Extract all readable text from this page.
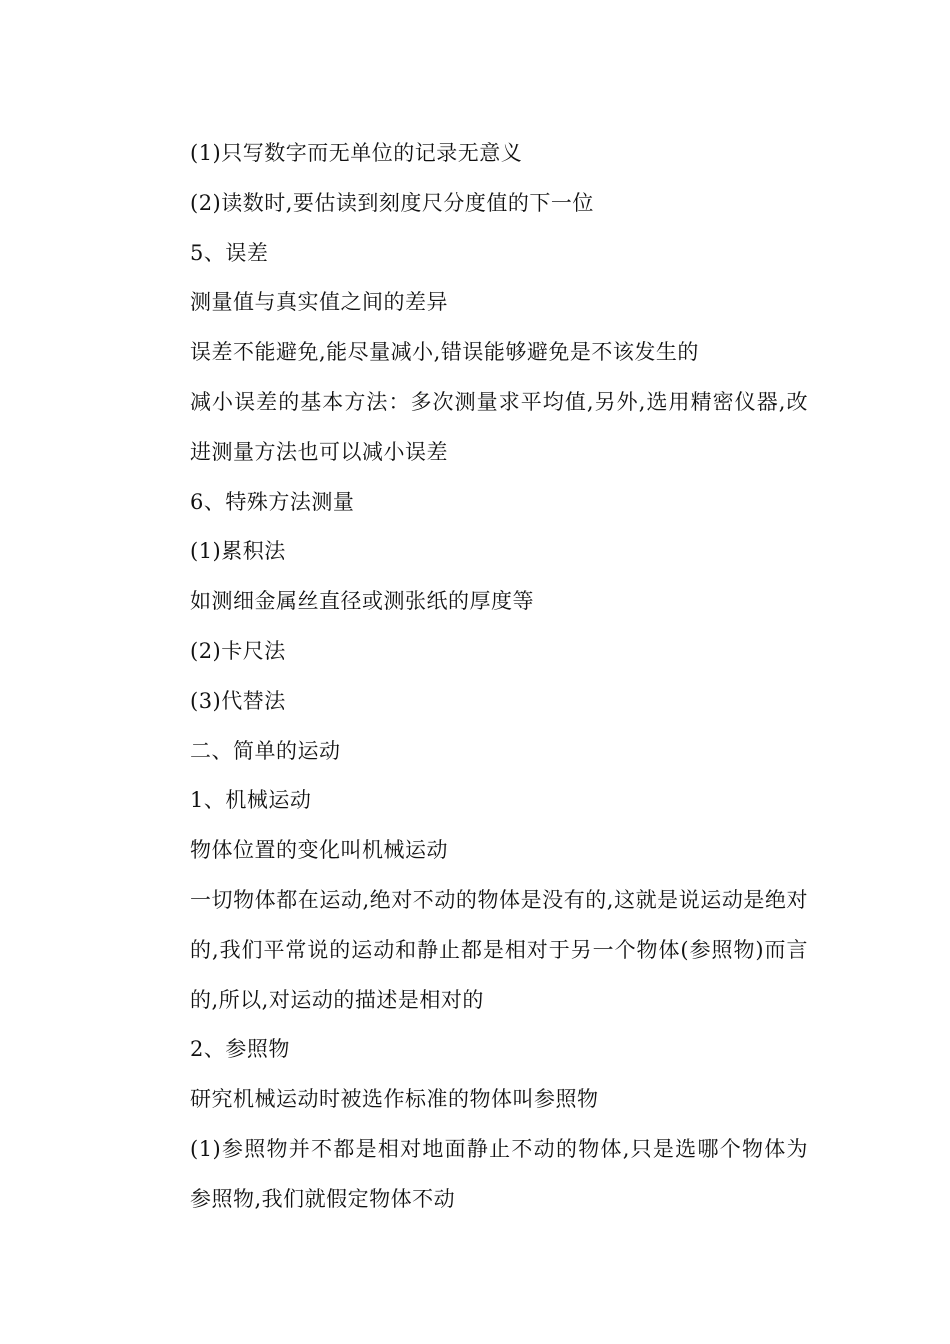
(1)只写数字而无单位的记录无意义

(2)读数时,要估读到刻度尺分度值的下一位

5、误差

测量值与真实值之间的差异

误差不能避免,能尽量减小,错误能够避免是不该发生的

减小误差的基本方法：多次测量求平均值,另外,选用精密仪器,改进测量方法也可以减小误差

6、特殊方法测量

(1)累积法

如测细金属丝直径或测张纸的厚度等

(2)卡尺法

(3)代替法

二、简单的运动

1、机械运动

物体位置的变化叫机械运动

一切物体都在运动,绝对不动的物体是没有的,这就是说运动是绝对的,我们平常说的运动和静止都是相对于另一个物体(参照物)而言的,所以,对运动的描述是相对的

2、参照物

研究机械运动时被选作标准的物体叫参照物

(1)参照物并不都是相对地面静止不动的物体,只是选哪个物体为参照物,我们就假定物体不动
